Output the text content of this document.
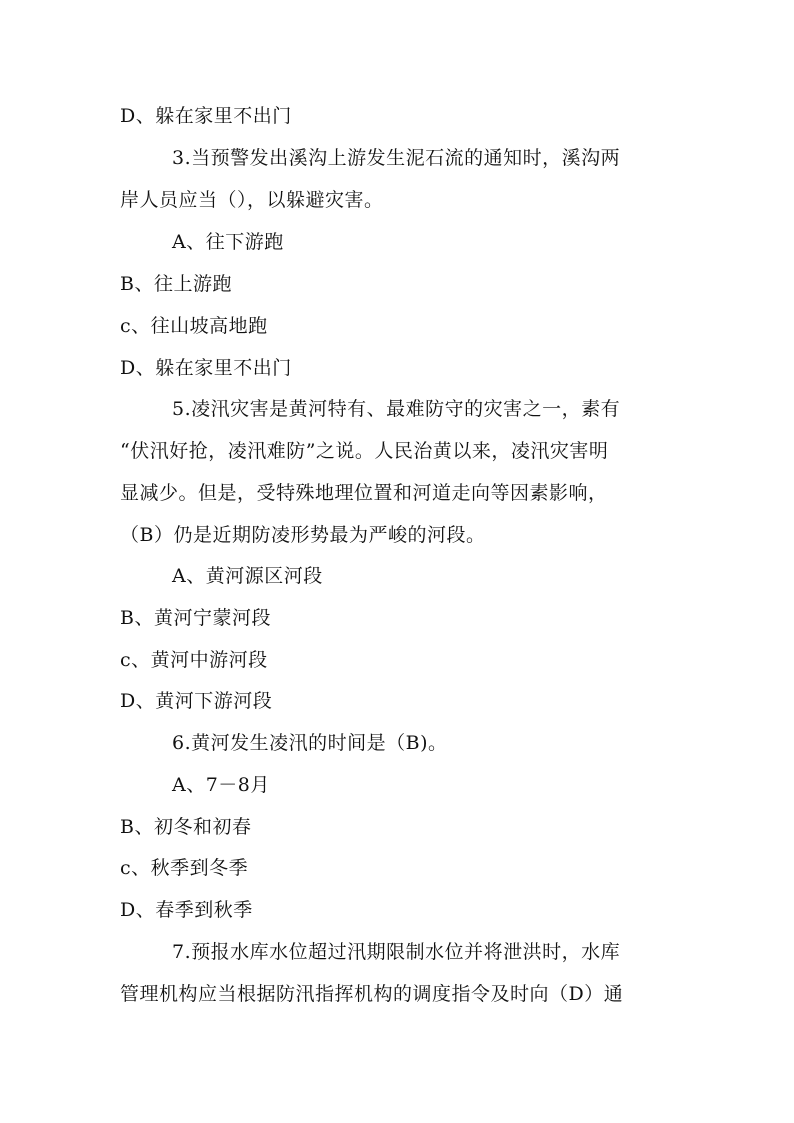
D、躲在家里不出门
3.当预警发出溪沟上游发生泥石流的通知时，溪沟两
岸人员应当（），以躲避灾害。
A、往下游跑
B、往上游跑
c、往山坡高地跑
D、躲在家里不出门
5.凌汛灾害是黄河特有、最难防守的灾害之一，素有
“伏汛好抢，凌汛难防”之说。人民治黄以来，凌汛灾害明
显减少。但是，受特殊地理位置和河道走向等因素影响，
（B）仍是近期防凌形势最为严峻的河段。
A、黄河源区河段
B、黄河宁蒙河段
c、黄河中游河段
D、黄河下游河段
6.黄河发生凌汛的时间是（B)。
A、7－8月
B、初冬和初春
c、秋季到冬季
D、春季到秋季
7.预报水库水位超过汛期限制水位并将泄洪时，水库
管理机构应当根据防汛指挥机构的调度指令及时向（D）通
